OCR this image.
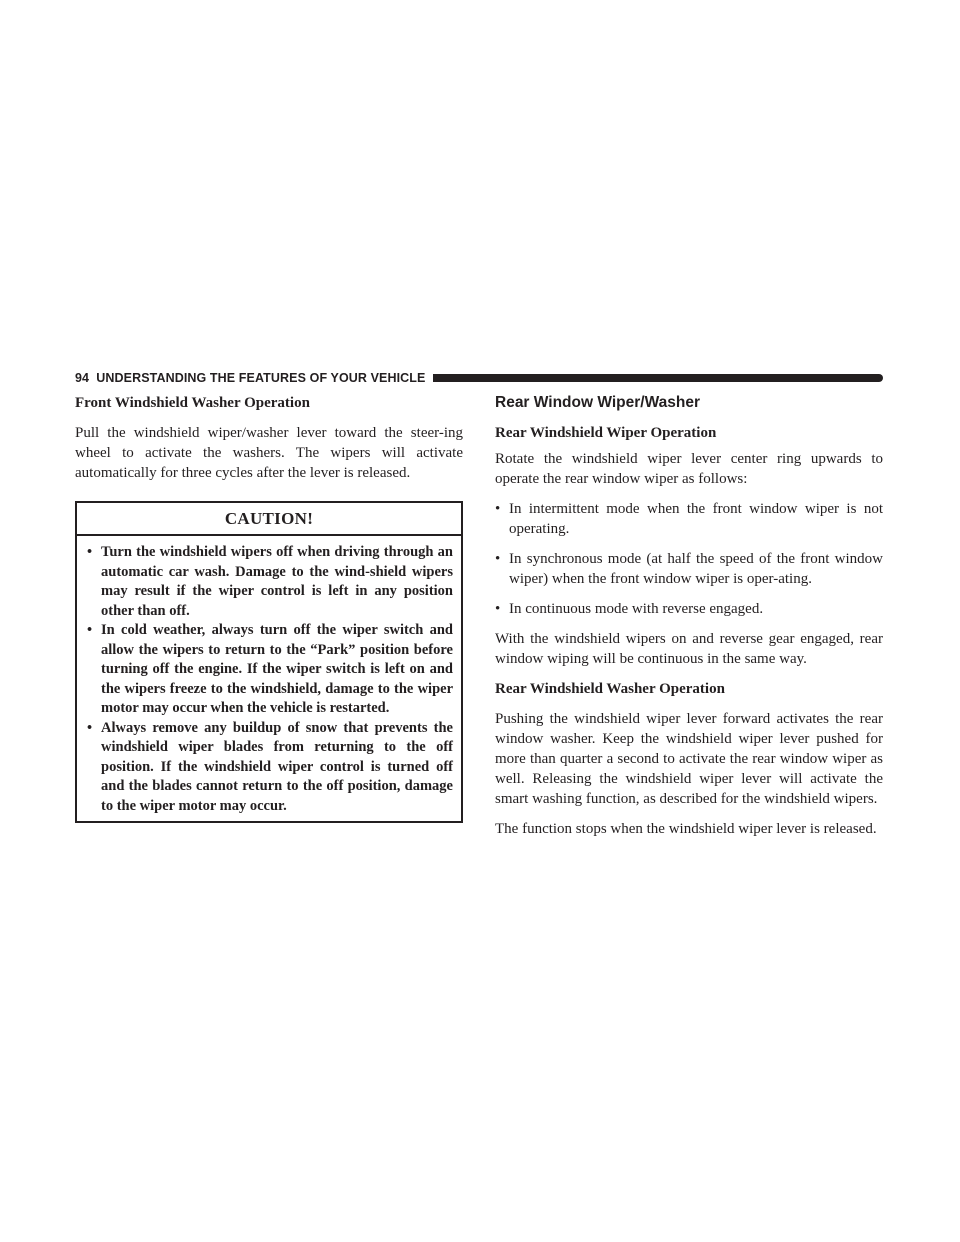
94 UNDERSTANDING THE FEATURES OF YOUR VEHICLE

Front Windshield Washer Operation

Pull the windshield wiper/washer lever toward the steer-ing wheel to activate the washers. The wipers will activate automatically for three cycles after the lever is released.

CAUTION!
• Turn the windshield wipers off when driving through an automatic car wash. Damage to the wind-shield wipers may result if the wiper control is left in any position other than off.
• In cold weather, always turn off the wiper switch and allow the wipers to return to the “Park” position before turning off the engine. If the wiper switch is left on and the wipers freeze to the windshield, damage to the wiper motor may occur when the vehicle is restarted.
• Always remove any buildup of snow that prevents the windshield wiper blades from returning to the off position. If the windshield wiper control is turned off and the blades cannot return to the off position, damage to the wiper motor may occur.

Rear Window Wiper/Washer

Rear Windshield Wiper Operation

Rotate the windshield wiper lever center ring upwards to operate the rear window wiper as follows:

• In intermittent mode when the front window wiper is not operating.
• In synchronous mode (at half the speed of the front window wiper) when the front window wiper is oper-ating.
• In continuous mode with reverse engaged.

With the windshield wipers on and reverse gear engaged, rear window wiping will be continuous in the same way.

Rear Windshield Washer Operation

Pushing the windshield wiper lever forward activates the rear window washer. Keep the windshield wiper lever pushed for more than quarter a second to activate the rear window wiper as well. Releasing the windshield wiper lever will activate the smart washing function, as described for the windshield wipers.

The function stops when the windshield wiper lever is released.
